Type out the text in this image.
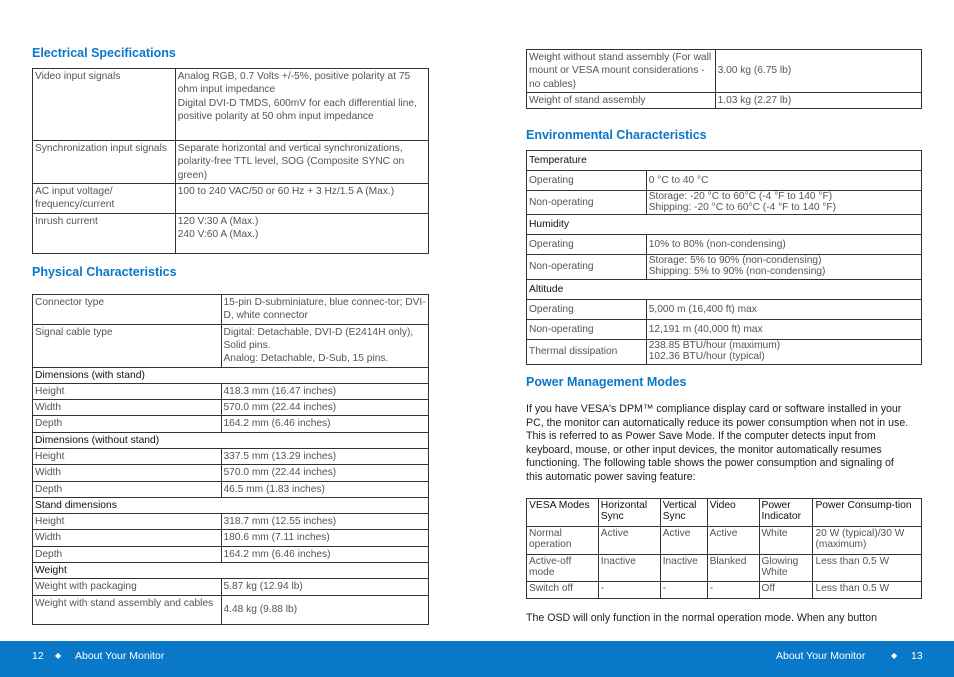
Electrical Specifications
Video input signals	Analog RGB, 0.7 Volts +/-5%, positive polarity at 75 ohm input impedance
Digital DVI-D TMDS, 600mV for each differential line, positive polarity at 50 ohm input impedance

Synchronization input signals	Separate horizontal and vertical synchronizations, polarity-free TTL level, SOG (Composite SYNC on green)

AC input voltage/ frequency/current	100 to 240 VAC/50 or 60 Hz + 3 Hz/1.5 A (Max.)

Inrush current	120 V:30 A (Max.)
240 V:60 A (Max.)
Physical Characteristics
Connector type	15-pin D-subminiature, blue connec-tor; DVI-D, white connector

Signal cable type	Digital: Detachable, DVI-D (E2414H only), Solid pins.
Analog: Detachable, D-Sub, 15 pins.

Dimensions (with stand)	
Height	418.3 mm (16.47 inches)
Width	570.0 mm (22.44 inches)
Depth	164.2 mm (6.46 inches)
Dimensions (without stand)	
Height	337.5 mm (13.29 inches)
Width	570.0 mm (22.44 inches)
Depth	46.5 mm (1.83 inches)
Stand dimensions	
Height	318.7 mm (12.55 inches)
Width	180.6 mm (7.11 inches)
Depth	164.2 mm (6.46 inches)
Weight	
Weight with packaging	5.87 kg (12.94 lb)
Weight with stand assembly and cables	4.48 kg (9.88 lb)
Weight without stand assembly (For wall mount or VESA mount considerations - no cables)	3.00 kg (6.75 lb)
Weight of stand assembly	1.03 kg (2.27 lb)
Environmental Characteristics
Temperature	
Operating	0 °C to 40 °C
Non-operating	Storage: -20 °C to 60°C (-4 °F to 140 °F)
Shipping: -20 °C to 60°C (-4 °F to 140 °F)

Humidity	
Operating	10% to 80% (non-condensing)
Non-operating	Storage: 5% to 90% (non-condensing)
Shipping: 5% to 90% (non-condensing)

Altitude	
Operating	5,000 m (16,400 ft) max
Non-operating	12,191 m (40,000 ft) max
Thermal dissipation	238.85 BTU/hour (maximum)
102.36 BTU/hour (typical)
Power Management Modes

If you have VESA's DPM™ compliance display card or software installed in your PC, the monitor can automatically reduce its power consumption when not in use. This is referred to as Power Save Mode. If the computer detects input from keyboard, mouse, or other input devices, the monitor automatically resumes functioning. The following table shows the power consumption and signaling of this automatic power saving feature:

VESA Modes	Horizontal Sync	Vertical Sync	Video	Power Indicator	Power Consump-tion
Normal operation	Active	Active	Active	White	20 W (typical)/30 W (maximum)
Active-off mode	Inactive	Inactive	Blanked	Glowing White	Less than 0.5 W
Switch off	-	-	-	Off	Less than 0.5 W

The OSD will only function in the normal operation mode. When any button

12 ◆ About Your Monitor	About Your Monitor	◆ 13
